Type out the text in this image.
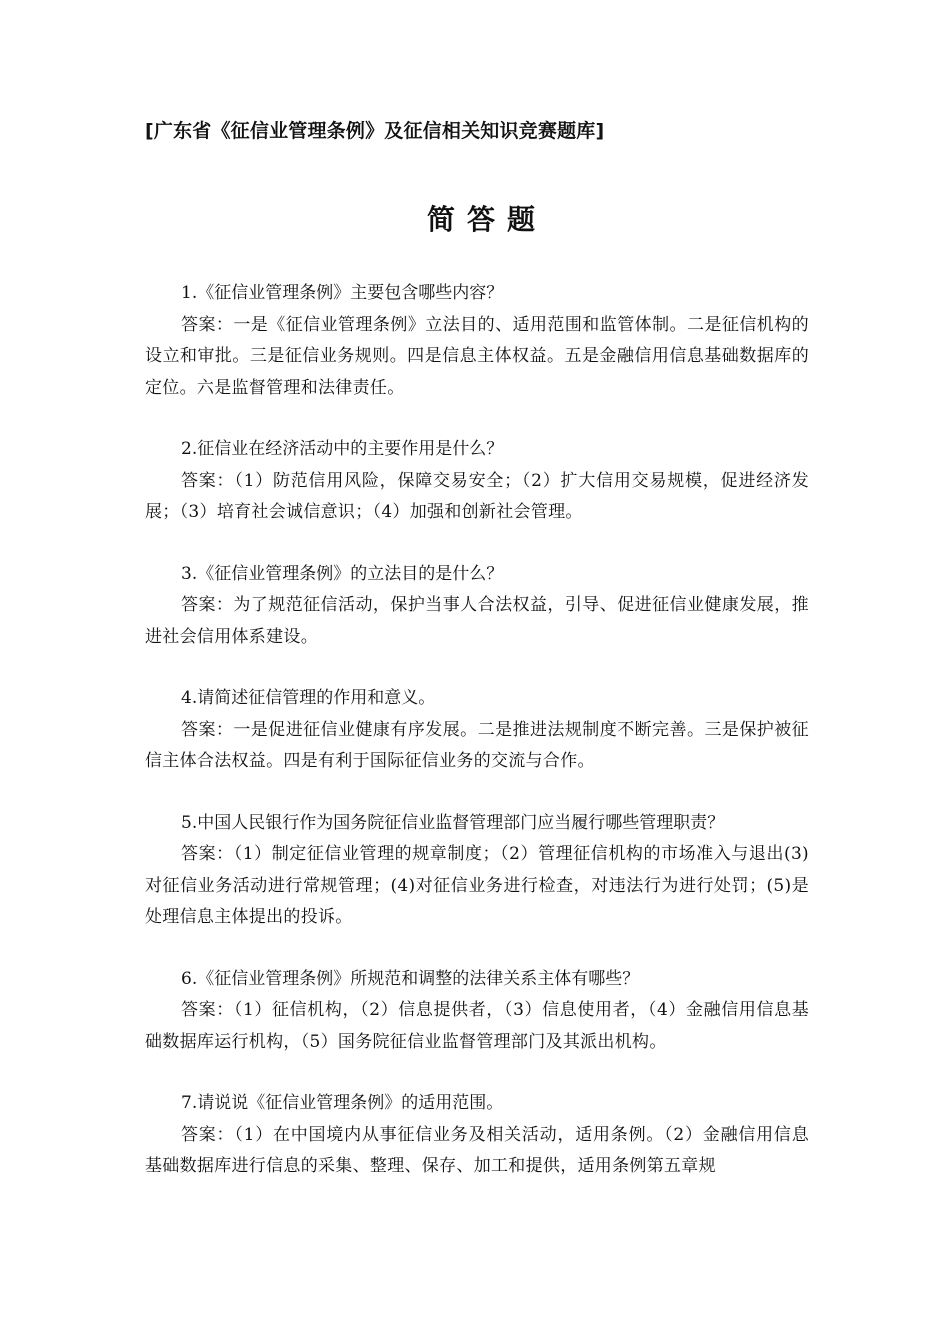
[广东省《征信业管理条例》及征信相关知识竞赛题库]
简答题

1.《征信业管理条例》主要包含哪些内容？

答案：一是《征信业管理条例》立法目的、适用范围和监管体制。二是征信机构的设立和审批。三是征信业务规则。四是信息主体权益。五是金融信用信息基础数据库的定位。六是监督管理和法律责任。

2.征信业在经济活动中的主要作用是什么？

答案：（1）防范信用风险，保障交易安全；（2）扩大信用交易规模，促进经济发展；（3）培育社会诚信意识；（4）加强和创新社会管理。

3.《征信业管理条例》的立法目的是什么？

答案：为了规范征信活动，保护当事人合法权益，引导、促进征信业健康发展，推进社会信用体系建设。

4.请简述征信管理的作用和意义。

答案：一是促进征信业健康有序发展。二是推进法规制度不断完善。三是保护被征信主体合法权益。四是有利于国际征信业务的交流与合作。

5.中国人民银行作为国务院征信业监督管理部门应当履行哪些管理职责？

答案：（1）制定征信业管理的规章制度；（2）管理征信机构的市场准入与退出(3)对征信业务活动进行常规管理；(4)对征信业务进行检查，对违法行为进行处罚；(5)是处理信息主体提出的投诉。

6.《征信业管理条例》所规范和调整的法律关系主体有哪些？

答案：（1）征信机构，（2）信息提供者，（3）信息使用者，（4）金融信用信息基础数据库运行机构，（5）国务院征信业监督管理部门及其派出机构。

7.请说说《征信业管理条例》的适用范围。

答案：（1）在中国境内从事征信业务及相关活动，适用条例。（2）金融信用信息基础数据库进行信息的采集、整理、保存、加工和提供，适用条例第五章规
